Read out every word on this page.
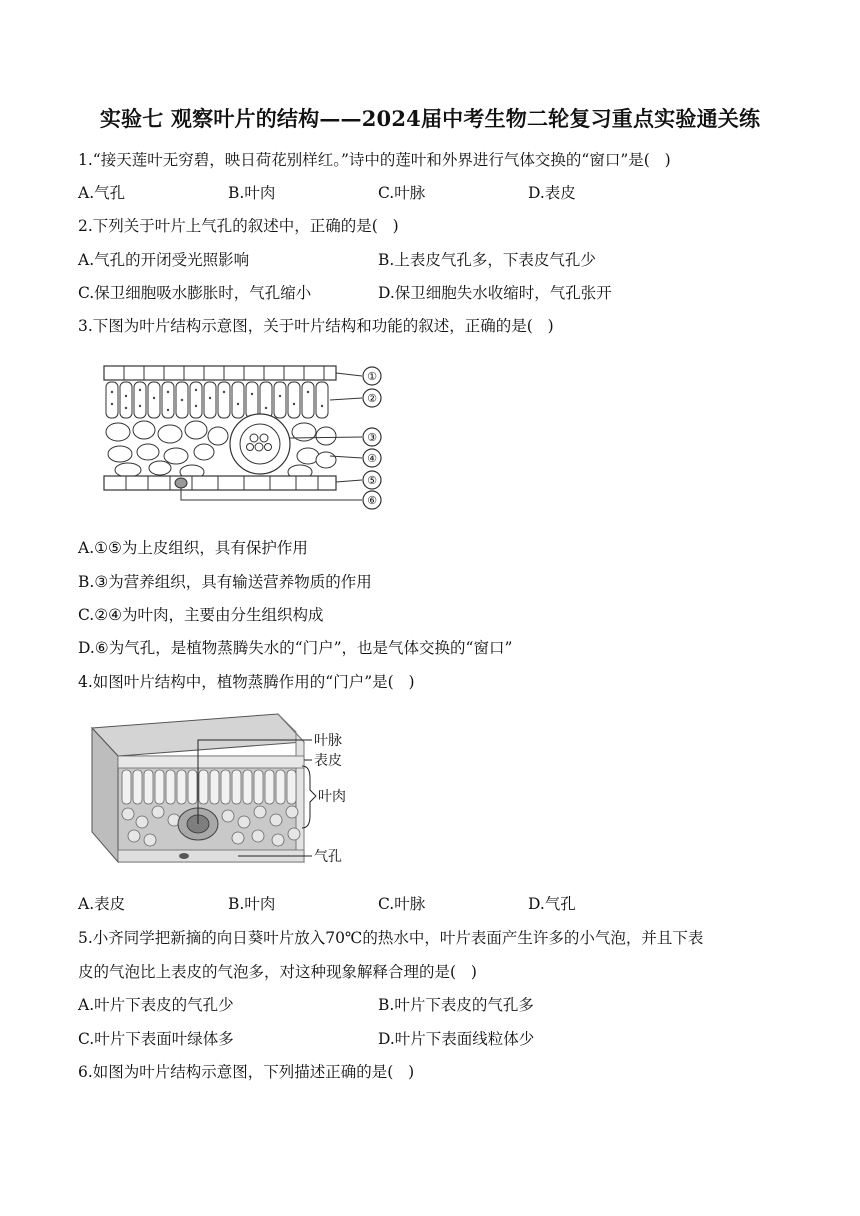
实验七 观察叶片的结构——2024届中考生物二轮复习重点实验通关练
1.“接天莲叶无穷碧，映日荷花别样红。”诗中的莲叶和外界进行气体交换的“窗口”是(   )
A.气孔	B.叶肉	C.叶脉	D.表皮
2.下列关于叶片上气孔的叙述中，正确的是(   )
A.气孔的开闭受光照影响	B.上表皮气孔多，下表皮气孔少
C.保卫细胞吸水膨胀时，气孔缩小	D.保卫细胞失水收缩时，气孔张开
3.下图为叶片结构示意图，关于叶片结构和功能的叙述，正确的是(   )
①
②
③
④
⑤
⑥
A.①⑤为上皮组织，具有保护作用
B.③为营养组织，具有输送营养物质的作用
C.②④为叶肉，主要由分生组织构成
D.⑥为气孔，是植物蒸腾失水的“门户”，也是气体交换的“窗口”
4.如图叶片结构中，植物蒸腾作用的“门户”是(   )
叶脉
表皮
叶肉
气孔
A.表皮	B.叶肉	C.叶脉	D.气孔
5.小齐同学把新摘的向日葵叶片放入70℃的热水中，叶片表面产生许多的小气泡，并且下表
皮的气泡比上表皮的气泡多，对这种现象解释合理的是(   )
A.叶片下表皮的气孔少	B.叶片下表皮的气孔多
C.叶片下表面叶绿体多	D.叶片下表面线粒体少
6.如图为叶片结构示意图，下列描述正确的是(   )
